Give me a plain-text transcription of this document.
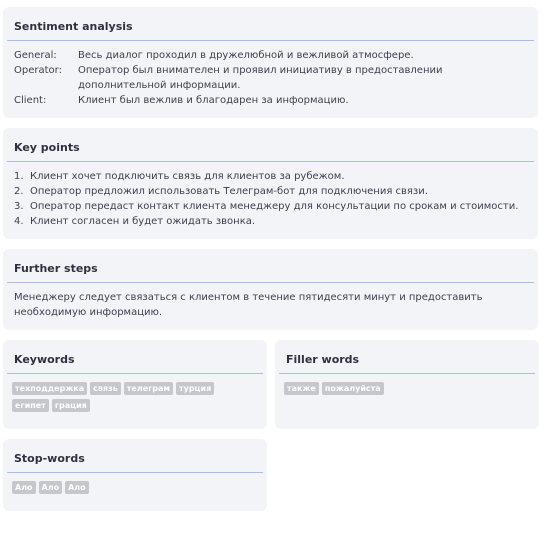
Sentiment analysis
General:	Весь диалог проходил в дружелюбной и вежливой атмосфере.
Operator:	Оператор был внимателен и проявил инициативу в предоставлении дополнительной информации.
Client:	Клиент был вежлив и благодарен за информацию.
Key points
1. Клиент хочет подключить связь для клиентов за рубежом.
2. Оператор предложил использовать Телеграм-бот для подключения связи.
3. Оператор передаст контакт клиента менеджеру для консультации по срокам и стоимости.
4. Клиент согласен и будет ожидать звонка.
Further steps
Менеджеру следует связаться с клиентом в течение пятидесяти минут и предоставить необходимую информацию.
Keywords
техподдержка	связь	телеграм	турция
египет	грация
Filler words
также	пожалуйста
Stop-words
Ало	Ало	Ало
